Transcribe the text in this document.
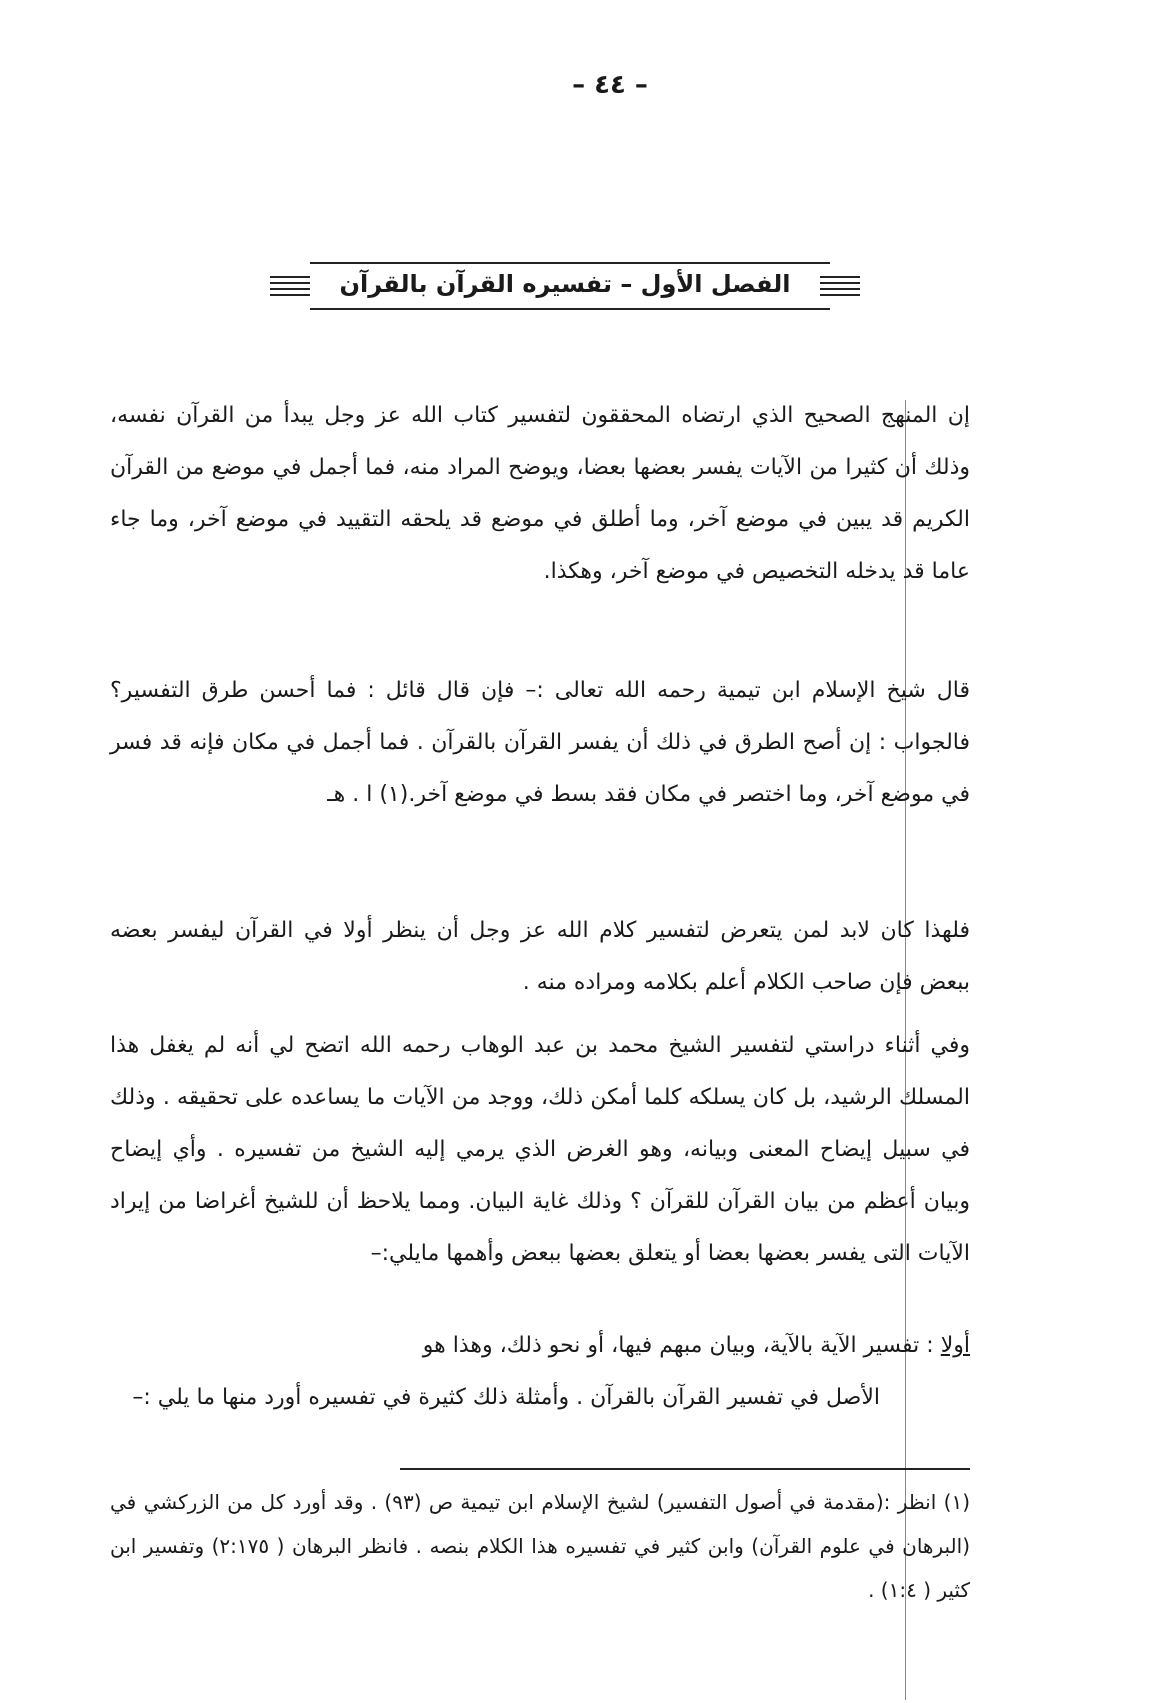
– ٤٤ –
الفصل الأول – تفسيره القرآن بالقرآن

إن المنهج الصحيح الذي ارتضاه المحققون لتفسير كتاب الله عز وجل يبدأ من القرآن نفسه، وذلك أن كثيرا من الآيات يفسر بعضها بعضا، ويوضح المراد منه، فما أجمل في موضع من القرآن الكريم قد يبين في موضع آخر، وما أطلق في موضع قد يلحقه التقييد في موضع آخر، وما جاء عاما قد يدخله التخصيص في موضع آخر، وهكذا.

قال شيخ الإسلام ابن تيمية رحمه الله تعالى :– فإن قال قائل : فما أحسن طرق التفسير؟ فالجواب : إن أصح الطرق في ذلك أن يفسر القرآن بالقرآن . فما أجمل في مكان فإنه قد فسر في موضع آخر، وما اختصر في مكان فقد بسط في موضع آخر.(١) ا . هـ

فلهذا كان لابد لمن يتعرض لتفسير كلام الله عز وجل أن ينظر أولا في القرآن ليفسر بعضه ببعض فإن صاحب الكلام أعلم بكلامه ومراده منه .

وفي أثناء دراستي لتفسير الشيخ محمد بن عبد الوهاب رحمه الله اتضح لي أنه لم يغفل هذا المسلك الرشيد، بل كان يسلكه كلما أمكن ذلك، ووجد من الآيات ما يساعده على تحقيقه . وذلك في سبيل إيضاح المعنى وبيانه، وهو الغرض الذي يرمي إليه الشيخ من تفسيره . وأي إيضاح وبيان أعظم من بيان القرآن للقرآن ؟ وذلك غاية البيان. ومما يلاحظ أن للشيخ أغراضا من إيراد الآيات التى يفسر بعضها بعضا أو يتعلق بعضها ببعض وأهمها مايلي:–

أولا : تفسير الآية بالآية، وبيان مبهم فيها، أو نحو ذلك، وهذا هو

الأصل في تفسير القرآن بالقرآن . وأمثلة ذلك كثيرة في تفسيره أورد منها ما يلي :–

(١) انظر :(مقدمة في أصول التفسير) لشيخ الإسلام ابن تيمية ص (٩٣) . وقد أورد كل من الزركشي في (البرهان في علوم القرآن) وابن كثير في تفسيره هذا الكلام بنصه . فانظر البرهان ( ٢:١٧٥) وتفسير ابن كثير ( ١:٤) .
